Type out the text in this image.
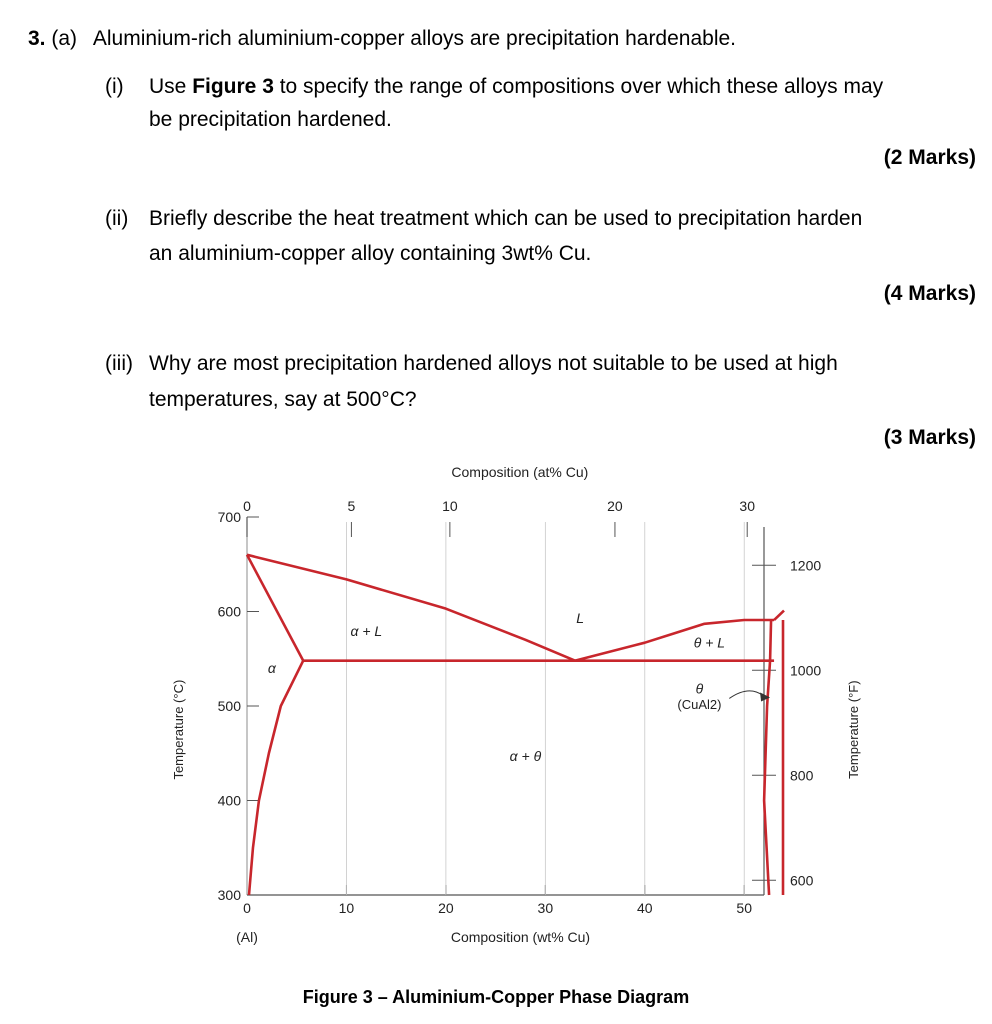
3. (a) Aluminium-rich aluminium-copper alloys are precipitation hardenable.
(i) Use Figure 3 to specify the range of compositions over which these alloys may
be precipitation hardened.
(2 Marks)
(ii) Briefly describe the heat treatment which can be used to precipitation harden
an aluminium-copper alloy containing 3wt% Cu.
(4 Marks)
(iii) Why are most precipitation hardened alloys not suitable to be used at high
temperatures, say at 500°C?
(3 Marks)
0	10	20	30	40	50
(Al)	Composition (wt% Cu)
700
600
500
400
300
Temperature (°C)
0	5	10	20	30
Composition (at% Cu)
1200
1000
800
600
Temperature (°F)
α
α + L
L
θ + L
θ
(CuAl2)
α + θ
Figure 3 – Aluminium-Copper Phase Diagram
